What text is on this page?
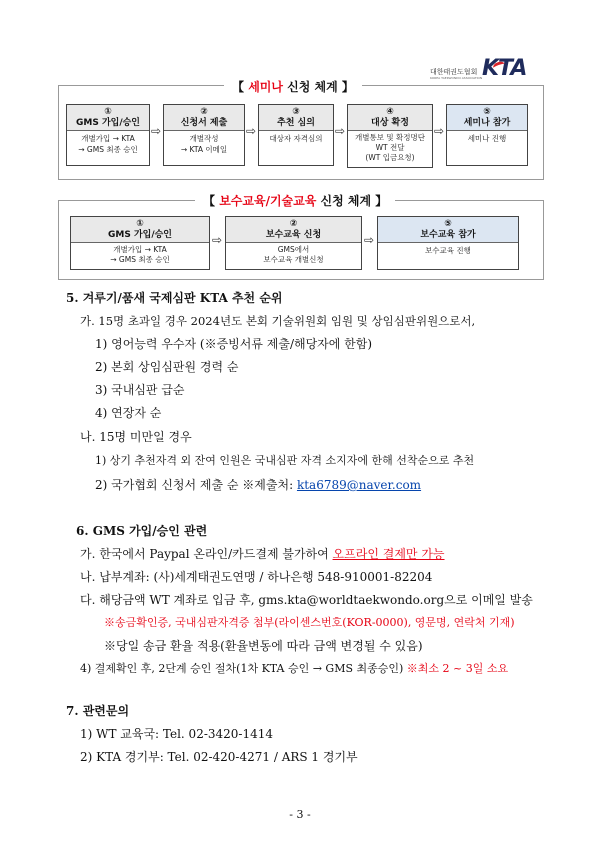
대한태권도협회
KOREA TAEKWONDO ASSOCIATION KTA
【 세미나 신청 체계 】
①
GMS 가입/승인
개별가입 → KTA
→ GMS 최종 승인
⇨
②
신청서 제출
개별작성
→ KTA 이메일
⇨
③
추천 심의
대상자 자격심의
⇨
④
대상 확정
개별통보 및 확정명단
WT 전달
(WT 입금요청)
⇨
⑤
세미나 참가
세미나 진행
【 보수교육/기술교육 신청 체계 】
①
GMS 가입/승인
개별가입 → KTA
→ GMS 최종 승인
⇨
②
보수교육 신청
GMS에서
보수교육 개별신청
⇨
⑤
보수교육 참가
보수교육 진행
5. 겨루기/품새 국제심판 KTA 추천 순위
가. 15명 초과일 경우 2024년도 본회 기술위원회 임원 및 상임심판위원으로서,
1) 영어능력 우수자 (※증빙서류 제출/해당자에 한함)
2) 본회 상임심판원 경력 순
3) 국내심판 급순
4) 연장자 순
나. 15명 미만일 경우
1) 상기 추천자격 외 잔여 인원은 국내심판 자격 소지자에 한해 선착순으로 추천
2) 국가협회 신청서 제출 순 ※제출처: kta6789@naver.com
6. GMS 가입/승인 관련
가. 한국에서 Paypal 온라인/카드결제 불가하여 오프라인 결제만 가능
나. 납부계좌: (사)세계태권도연맹 / 하나은행 548-910001-82204
다. 해당금액 WT 계좌로 입금 후, gms.kta@worldtaekwondo.org으로 이메일 발송
※송금확인증, 국내심판자격증 첨부(라이센스번호(KOR-0000), 영문명, 연락처 기재)
※당일 송금 환율 적용(환율변동에 따라 금액 변경될 수 있음)
4) 결제확인 후, 2단계 승인 절차(1차 KTA 승인 → GMS 최종승인) ※최소 2 ~ 3일 소요
7. 관련문의
1) WT 교육국: Tel. 02-3420-1414
2) KTA 경기부: Tel. 02-420-4271 / ARS 1 경기부
- 3 -
